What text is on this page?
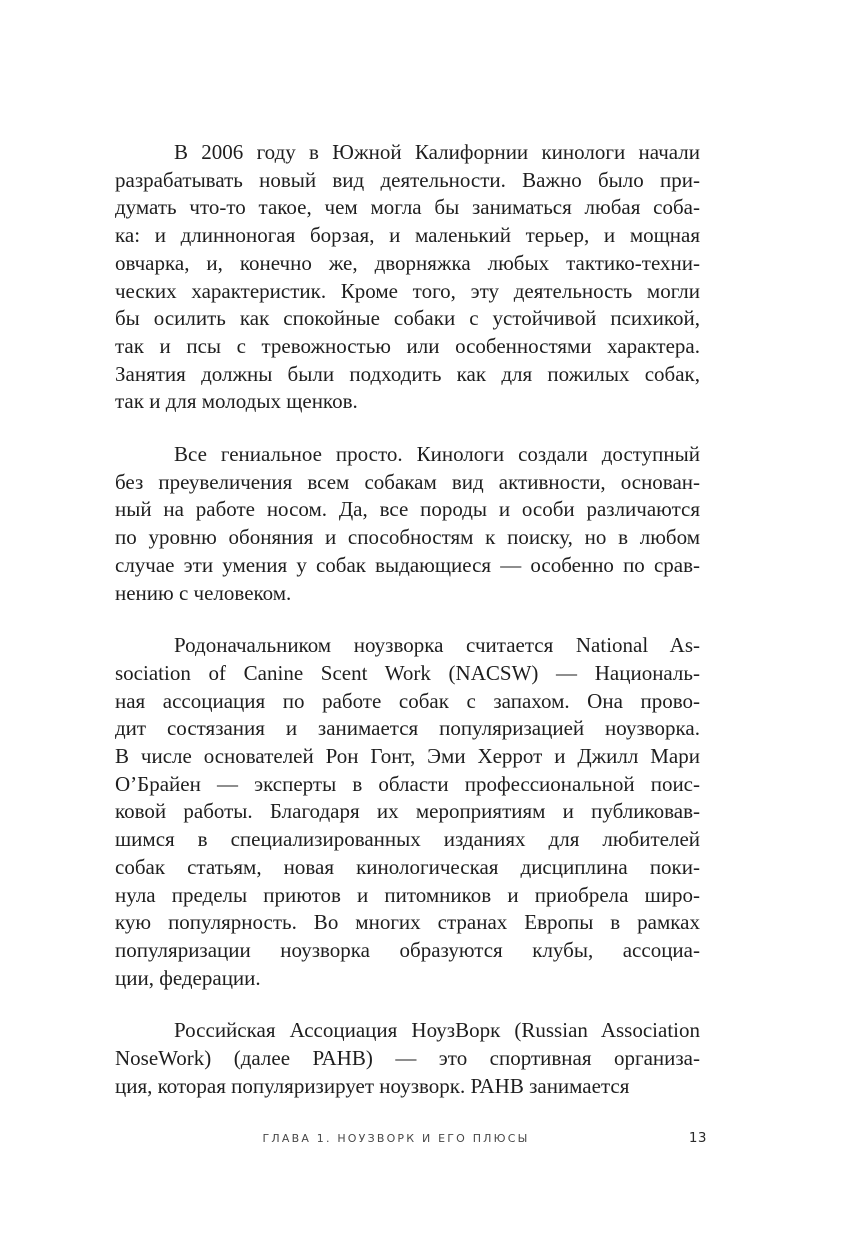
В 2006 году в Южной Калифорнии кинологи начали
разрабатывать новый вид деятельности. Важно было при-
думать что-то такое, чем могла бы заниматься любая соба-
ка: и длинноногая борзая, и маленький терьер, и мощная
овчарка, и, конечно же, дворняжка любых тактико-техни-
ческих характеристик. Кроме того, эту деятельность могли
бы осилить как спокойные собаки с устойчивой психикой,
так и псы с тревожностью или особенностями характера.
Занятия должны были подходить как для пожилых собак,
так и для молодых щенков.
Все гениальное просто. Кинологи создали доступный
без преувеличения всем собакам вид активности, основан-
ный на работе носом. Да, все породы и особи различаются
по уровню обоняния и способностям к поиску, но в любом
случае эти умения у собак выдающиеся — особенно по срав-
нению с человеком.
Родоначальником ноузворка считается National As-
sociation of Canine Scent Work (NACSW) — Националь-
ная ассоциация по работе собак с запахом. Она прово-
дит состязания и занимается популяризацией ноузворка.
В числе основателей Рон Гонт, Эми Херрот и Джилл Мари
О’Брайен — эксперты в области профессиональной поис-
ковой работы. Благодаря их мероприятиям и публиковав-
шимся в специализированных изданиях для любителей
собак статьям, новая кинологическая дисциплина поки-
нула пределы приютов и питомников и приобрела широ-
кую популярность. Во многих странах Европы в рамках
популяризации ноузворка образуются клубы, ассоциа-
ции, федерации.
Российская Ассоциация НоузВорк (Russian Association
NoseWork) (далее РАНВ) — это спортивная организа-
ция, которая популяризирует ноузворк. РАНВ занимается
ГЛАВА 1. НОУЗВОРК И ЕГО ПЛЮСЫ	13
